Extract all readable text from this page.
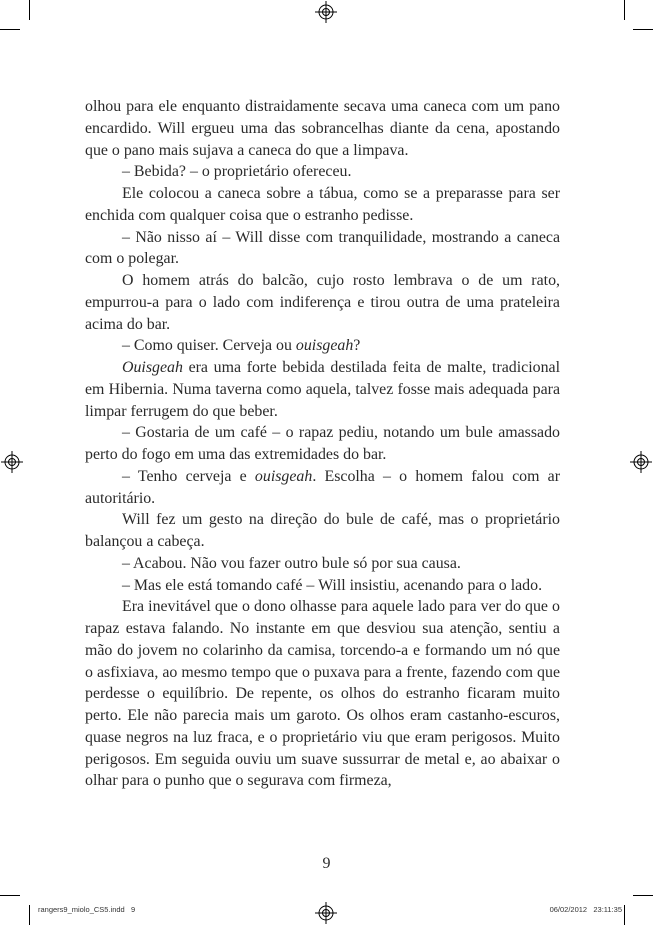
olhou para ele enquanto distraidamente secava uma caneca com um pano encardido. Will ergueu uma das sobrancelhas diante da cena, apostando que o pano mais sujava a caneca do que a limpava.

– Bebida? – o proprietário ofereceu.

Ele colocou a caneca sobre a tábua, como se a preparasse para ser enchida com qualquer coisa que o estranho pedisse.

– Não nisso aí – Will disse com tranquilidade, mostrando a caneca com o polegar.

O homem atrás do balcão, cujo rosto lembrava o de um rato, empurrou-a para o lado com indiferença e tirou outra de uma prateleira acima do bar.

– Como quiser. Cerveja ou ouisgeah?

Ouisgeah era uma forte bebida destilada feita de malte, tradicional em Hibernia. Numa taverna como aquela, talvez fosse mais adequada para limpar ferrugem do que beber.

– Gostaria de um café – o rapaz pediu, notando um bule amassado perto do fogo em uma das extremidades do bar.

– Tenho cerveja e ouisgeah. Escolha – o homem falou com ar autoritário.

Will fez um gesto na direção do bule de café, mas o proprietário balançou a cabeça.

– Acabou. Não vou fazer outro bule só por sua causa.

– Mas ele está tomando café – Will insistiu, acenando para o lado.

Era inevitável que o dono olhasse para aquele lado para ver do que o rapaz estava falando. No instante em que desviou sua atenção, sentiu a mão do jovem no colarinho da camisa, torcendo-a e formando um nó que o asfixiava, ao mesmo tempo que o puxava para a frente, fazendo com que perdesse o equilíbrio. De repente, os olhos do estranho ficaram muito perto. Ele não parecia mais um garoto. Os olhos eram castanho-escuros, quase negros na luz fraca, e o proprietário viu que eram perigosos. Muito perigosos. Em seguida ouviu um suave sussurrar de metal e, ao abaixar o olhar para o punho que o segurava com firmeza,

9
rangers9_miolo_CS5.indd   9	06/02/2012   23:11:35
